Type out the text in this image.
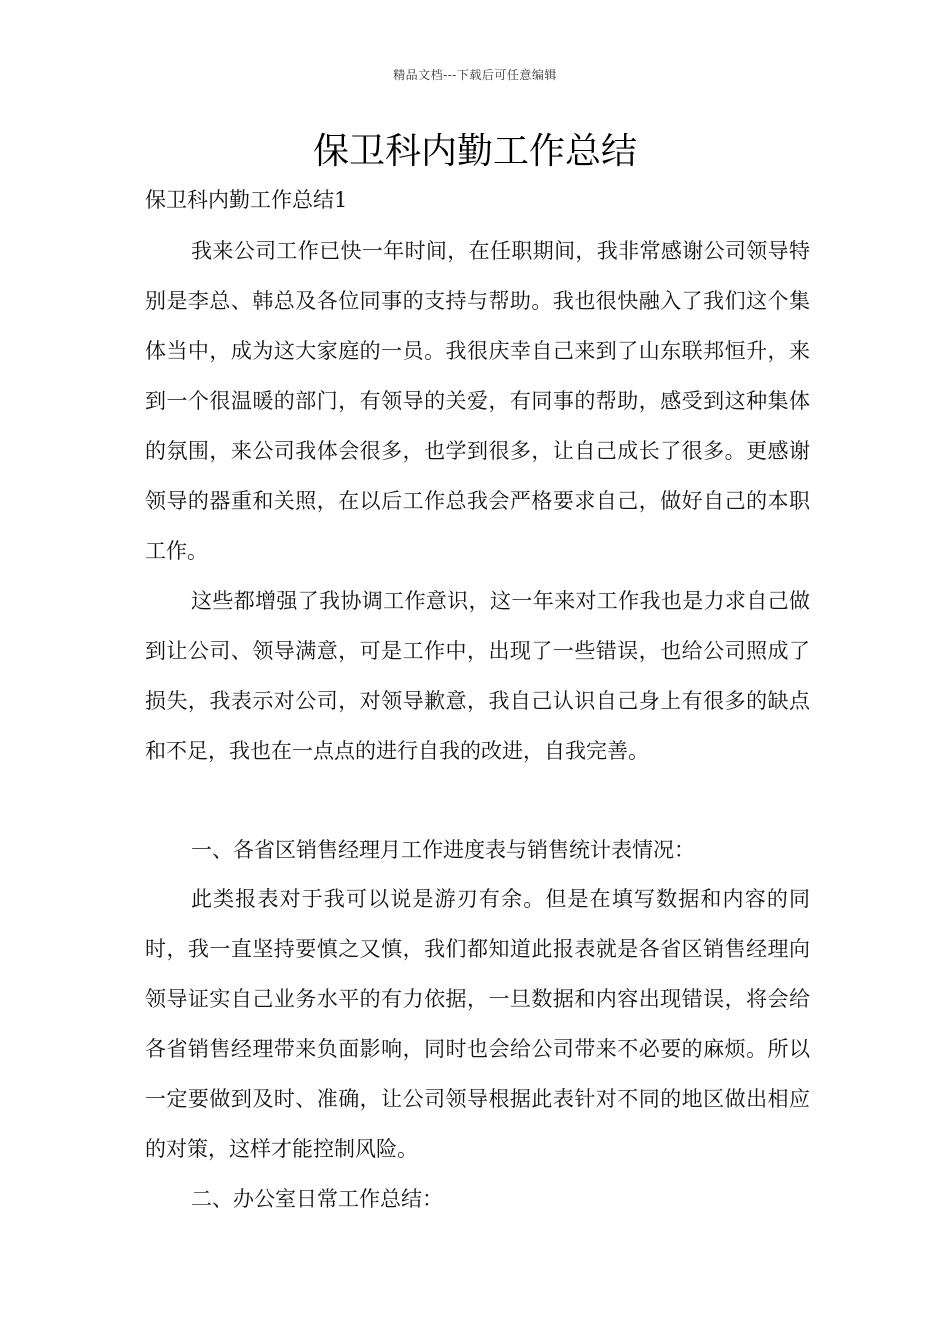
精品文档---下载后可任意编辑
保卫科内勤工作总结
保卫科内勤工作总结1

我来公司工作已快一年时间，在任职期间，我非常感谢公司领导特别是李总、韩总及各位同事的支持与帮助。我也很快融入了我们这个集体当中，成为这大家庭的一员。我很庆幸自己来到了山东联邦恒升，来到一个很温暖的部门，有领导的关爱，有同事的帮助，感受到这种集体的氛围，来公司我体会很多，也学到很多，让自己成长了很多。更感谢领导的器重和关照，在以后工作总我会严格要求自己，做好自己的本职工作。

这些都增强了我协调工作意识，这一年来对工作我也是力求自己做到让公司、领导满意，可是工作中，出现了一些错误，也给公司照成了损失，我表示对公司，对领导歉意，我自己认识自己身上有很多的缺点和不足，我也在一点点的进行自我的改进，自我完善。

一、各省区销售经理月工作进度表与销售统计表情况：

此类报表对于我可以说是游刃有余。但是在填写数据和内容的同时，我一直坚持要慎之又慎，我们都知道此报表就是各省区销售经理向领导证实自己业务水平的有力依据，一旦数据和内容出现错误，将会给各省销售经理带来负面影响，同时也会给公司带来不必要的麻烦。所以一定要做到及时、准确，让公司领导根据此表针对不同的地区做出相应的对策，这样才能控制风险。

二、办公室日常工作总结：
